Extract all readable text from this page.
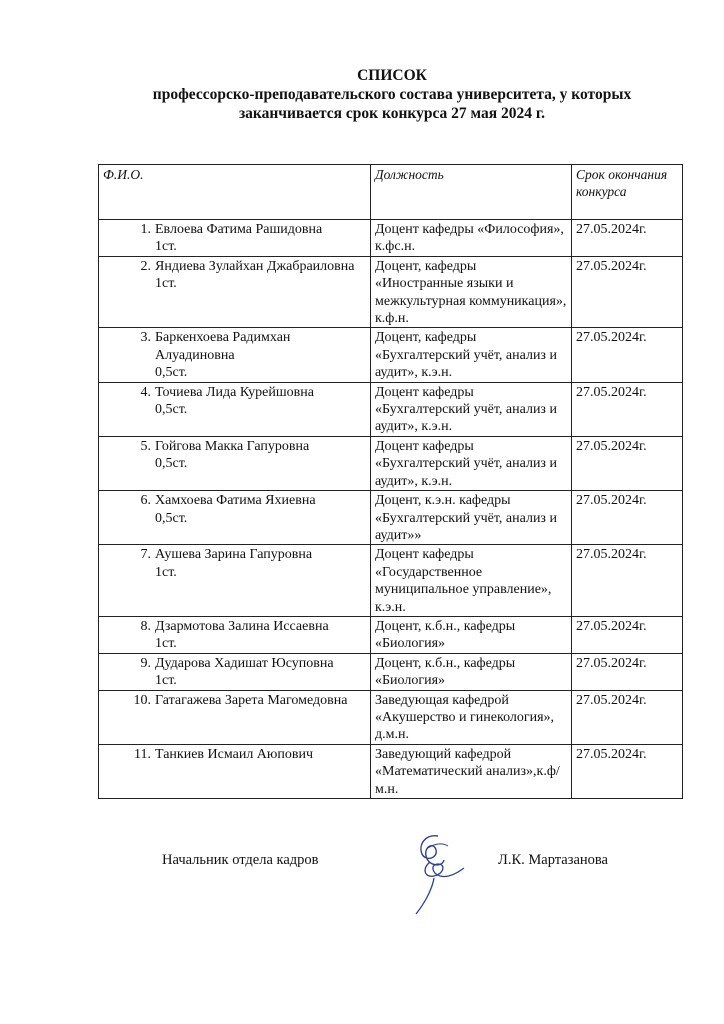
СПИСОК
профессорско-преподавательского состава университета, у которых
заканчивается срок конкурса 27 мая 2024 г.
Ф.И.О.	Должность	Срок окончания конкурса

1. Евлоева Фатима Рашидовна
1ст.	Доцент кафедры «Философия», к.фс.н.	27.05.2024г.

2. Яндиева Зулайхан Джабраиловна
1ст.	Доцент, кафедры «Иностранные языки и межкультурная коммуникация», к.ф.н.	27.05.2024г.

3. Баркенхоева Радимхан Алуадиновна
0,5ст.	Доцент, кафедры «Бухгалтерский учёт, анализ и аудит», к.э.н.	27.05.2024г.

4. Точиева Лида Курейшовна
0,5ст.	Доцент кафедры «Бухгалтерский учёт, анализ и аудит», к.э.н.	27.05.2024г.

5. Гойгова Макка Гапуровна
0,5ст.	Доцент кафедры «Бухгалтерский учёт, анализ и аудит», к.э.н.	27.05.2024г.

6. Хамхоева Фатима Яхиевна
0,5ст.	Доцент, к.э.н. кафедры «Бухгалтерский учёт, анализ и аудит»»	27.05.2024г.

7. Аушева Зарина Гапуровна
1ст.	Доцент кафедры «Государственное муниципальное управление», к.э.н.	27.05.2024г.

8. Дзармотова Залина Иссаевна
1ст.	Доцент, к.б.н., кафедры «Биология»	27.05.2024г.

9. Дударова Хадишат Юсуповна
1ст.	Доцент, к.б.н., кафедры «Биология»	27.05.2024г.

10. Гатагажева Зарета Магомедовна	Заведующая кафедрой «Акушерство и гинекология», д.м.н.	27.05.2024г.

11. Танкиев Исмаил Аюпович	Заведующий кафедрой «Математический анализ»,к.ф/м.н.	27.05.2024г.
Начальник отдела кадров	Л.К. Мартазанова
